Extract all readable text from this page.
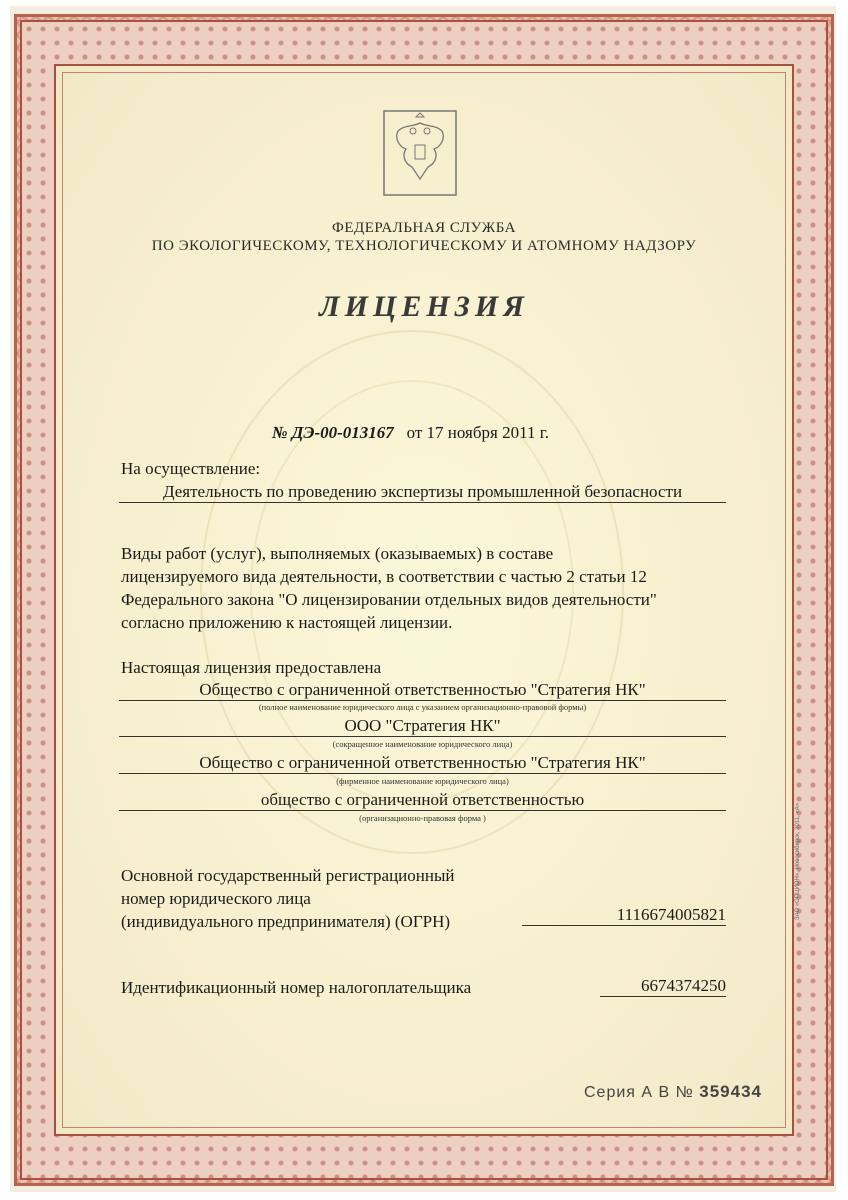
ФЕДЕРАЛЬНАЯ СЛУЖБА
ПО ЭКОЛОГИЧЕСКОМУ, ТЕХНОЛОГИЧЕСКОМУ И АТОМНОМУ НАДЗОРУ
ЛИЦЕНЗИЯ
№ ДЭ-00-013167 от 17 ноября 2011 г.
На осуществление:
Деятельность по проведению экспертизы промышленной безопасности
Виды работ (услуг), выполняемых (оказываемых) в составе
лицензируемого вида деятельности, в соответствии с частью 2 статьи 12
Федерального закона "О лицензировании отдельных видов деятельности"
согласно приложению к настоящей лицензии.
Настоящая лицензия предоставлена
Общество с ограниченной ответственностью "Стратегия НК"
(полное наименование юридического лица с указанием организационно-правовой формы)
ООО "Стратегия НК"
(сокращенное наименование юридического лица)
Общество с ограниченной ответственностью "Стратегия НК"
(фирменное наименование юридического лица)
общество с ограниченной ответственностью
(организационно-правовая форма )
Основной государственный регистрационный
номер юридического лица
(индивидуального предпринимателя) (ОГРН)	1116674005821
Идентификационный номер налогоплательщика	6674374250
Серия А В № 359434
ЗАО «ОПЦИОН», Новосибирск, 2011, «А»
